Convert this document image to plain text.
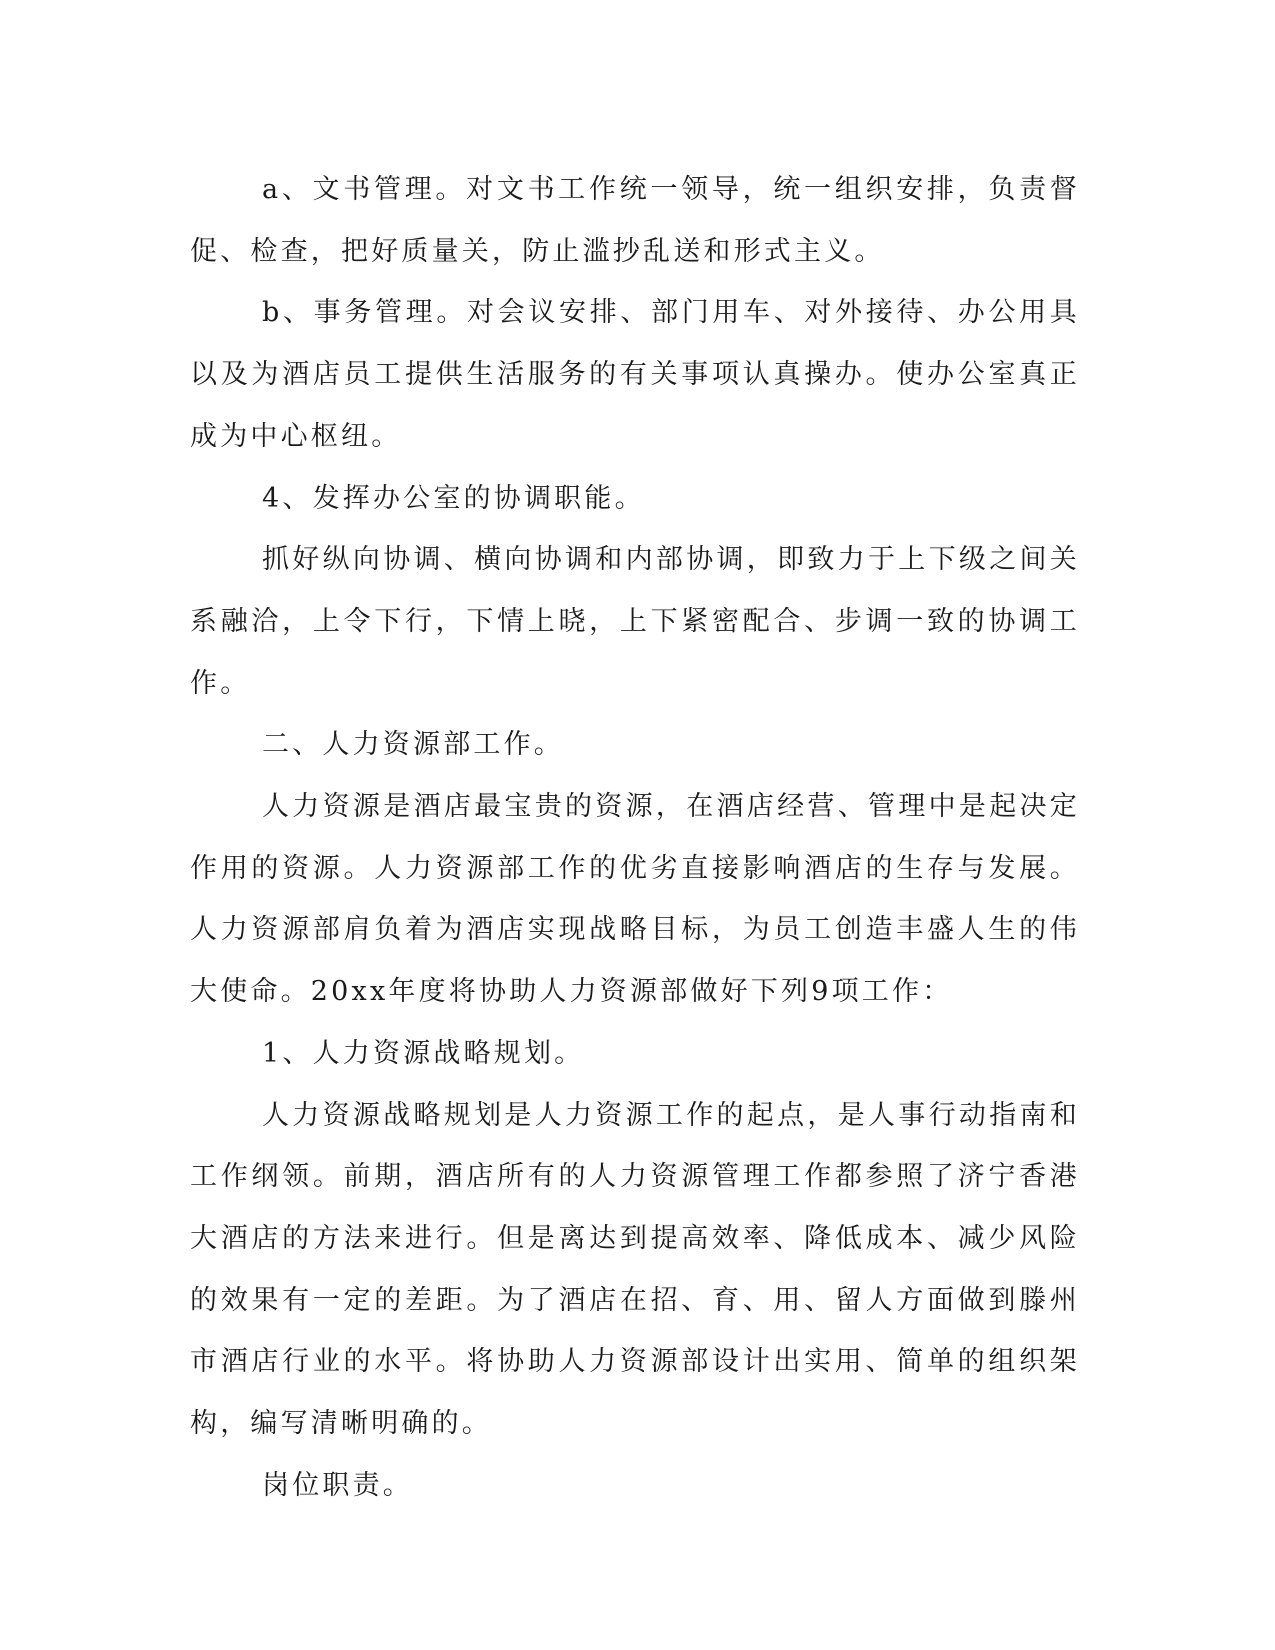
a、文书管理。对文书工作统一领导，统一组织安排，负责督促、检查，把好质量关，防止滥抄乱送和形式主义。

b、事务管理。对会议安排、部门用车、对外接待、办公用具以及为酒店员工提供生活服务的有关事项认真操办。使办公室真正成为中心枢纽。

4、发挥办公室的协调职能。

抓好纵向协调、横向协调和内部协调，即致力于上下级之间关系融洽，上令下行，下情上晓，上下紧密配合、步调一致的协调工作。

二、人力资源部工作。

人力资源是酒店最宝贵的资源，在酒店经营、管理中是起决定作用的资源。人力资源部工作的优劣直接影响酒店的生存与发展。人力资源部肩负着为酒店实现战略目标，为员工创造丰盛人生的伟大使命。20xx年度将协助人力资源部做好下列9项工作：

1、人力资源战略规划。

人力资源战略规划是人力资源工作的起点，是人事行动指南和工作纲领。前期，酒店所有的人力资源管理工作都参照了济宁香港大酒店的方法来进行。但是离达到提高效率、降低成本、减少风险的效果有一定的差距。为了酒店在招、育、用、留人方面做到滕州市酒店行业的水平。将协助人力资源部设计出实用、简单的组织架构，编写清晰明确的。

岗位职责。
